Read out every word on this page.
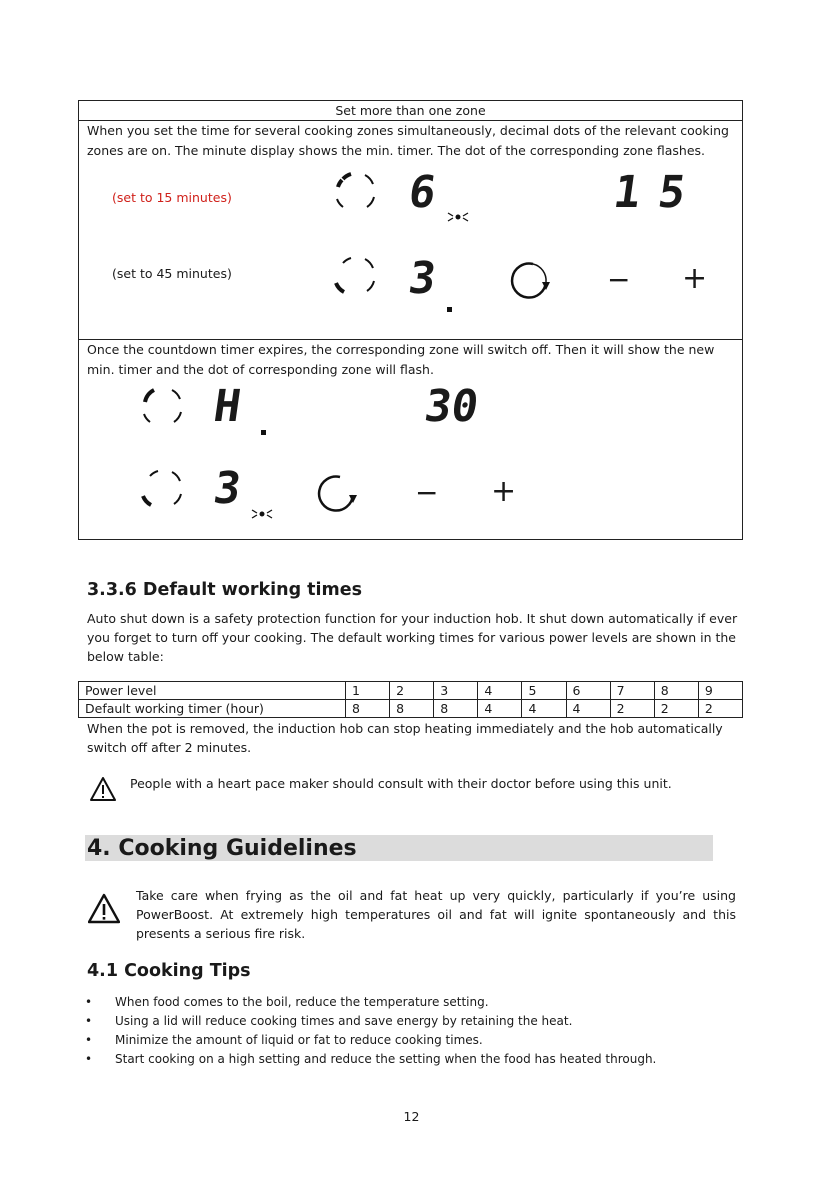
Set more than one zone
When you set the time for several cooking zones simultaneously, decimal dots of the relevant cooking zones are on. The minute display shows the min. timer. The dot of the corresponding zone flashes.
(set to 15 minutes)	6	15
(set to 45 minutes)	3	− +
Once the countdown timer expires, the corresponding zone will switch off. Then it will show the new min. timer and the dot of corresponding zone will flash.
H	30
3	− +
3.3.6 Default working times
Auto shut down is a safety protection function for your induction hob. It shut down automatically if ever you forget to turn off your cooking. The default working times for various power levels are shown in the below table:
Power level	1	2	3	4	5	6	7	8	9
Default working timer (hour)	8	8	8	4	4	4	2	2	2
When the pot is removed, the induction hob can stop heating immediately and the hob automatically switch off after 2 minutes.
People with a heart pace maker should consult with their doctor before using this unit.
4. Cooking Guidelines
Take care when frying as the oil and fat heat up very quickly, particularly if you’re using PowerBoost. At extremely high temperatures oil and fat will ignite spontaneously and this presents a serious fire risk.
4.1 Cooking Tips
• When food comes to the boil, reduce the temperature setting.
• Using a lid will reduce cooking times and save energy by retaining the heat.
• Minimize the amount of liquid or fat to reduce cooking times.
• Start cooking on a high setting and reduce the setting when the food has heated through.
12
